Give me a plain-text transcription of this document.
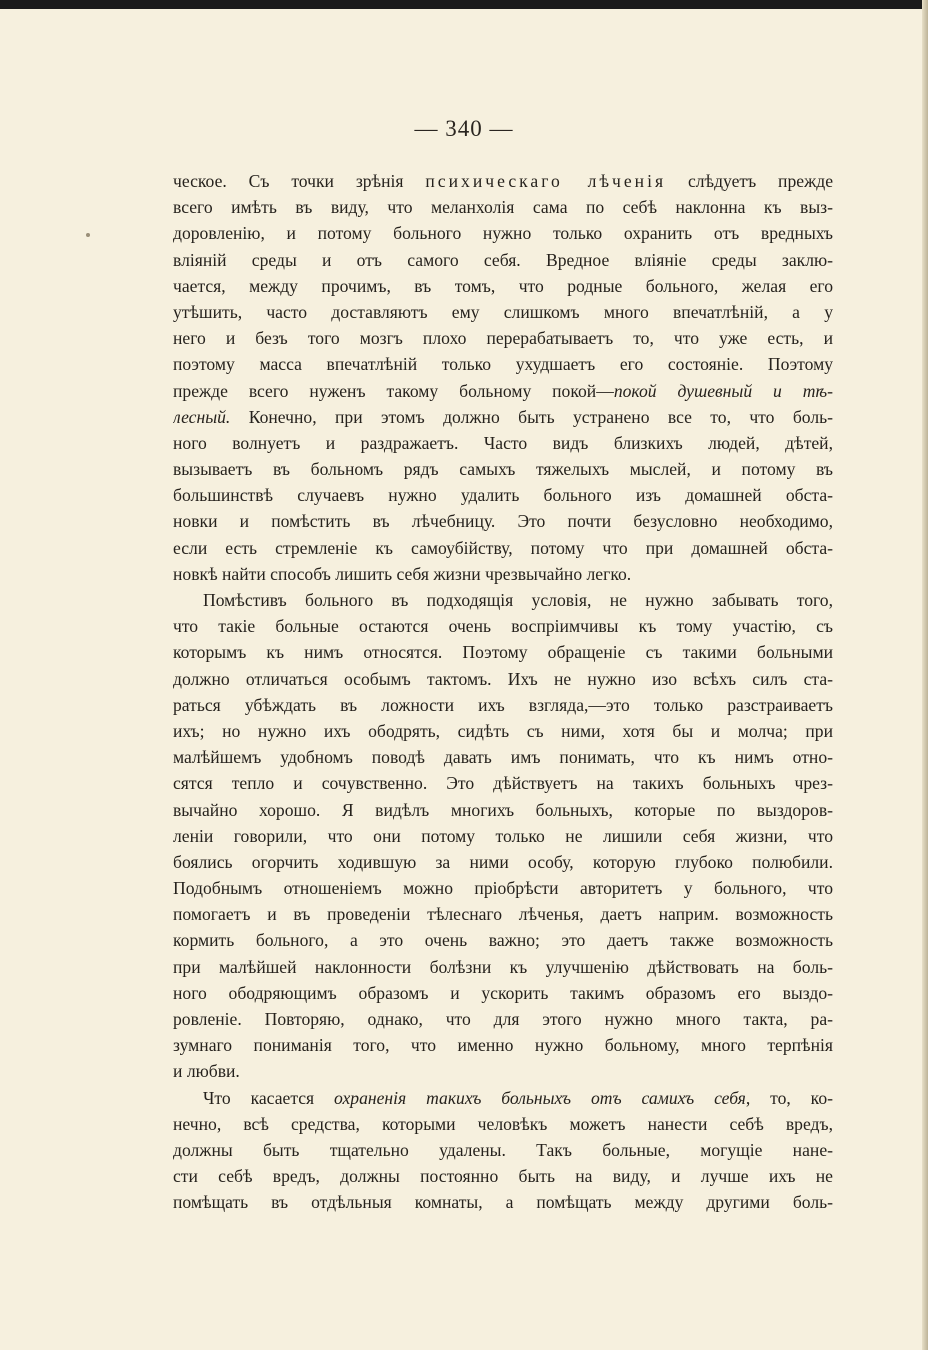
— 340 —
ческое. Съ точки зрѣнія психическаго лѣченія слѣдуетъ прежде
всего имѣть въ виду, что меланхолія сама по себѣ наклонна къ выз-
доровленію, и потому больного нужно только охранить отъ вредныхъ
вліяній среды и отъ самого себя. Вредное вліяніе среды заклю-
чается, между прочимъ, въ томъ, что родные больного, желая его
утѣшить, часто доставляютъ ему слишкомъ много впечатлѣній, а у
него и безъ того мозгъ плохо перерабатываетъ то, что уже есть, и
поэтому масса впечатлѣній только ухудшаетъ его состояніе. Поэтому
прежде всего нуженъ такому больному покой—покой душевный и тѣ-
лесный. Конечно, при этомъ должно быть устранено все то, что боль-
ного волнуетъ и раздражаетъ. Часто видъ близкихъ людей, дѣтей,
вызываетъ въ больномъ рядъ самыхъ тяжелыхъ мыслей, и потому въ
большинствѣ случаевъ нужно удалить больного изъ домашней обста-
новки и помѣстить въ лѣчебницу. Это почти безусловно необходимо,
если есть стремленіе къ самоубійству, потому что при домашней обста-
новкѣ найти способъ лишить себя жизни чрезвычайно легко.
Помѣстивъ больного въ подходящія условія, не нужно забывать того,
что такіе больные остаются очень воспріимчивы къ тому участію, съ
которымъ къ нимъ относятся. Поэтому обращеніе съ такими больными
должно отличаться особымъ тактомъ. Ихъ не нужно изо всѣхъ силъ ста-
раться убѣждать въ ложности ихъ взгляда,—это только разстраиваетъ
ихъ; но нужно ихъ ободрять, сидѣть съ ними, хотя бы и молча; при
малѣйшемъ удобномъ поводѣ давать имъ понимать, что къ нимъ отно-
сятся тепло и сочувственно. Это дѣйствуетъ на такихъ больныхъ чрез-
вычайно хорошо. Я видѣлъ многихъ больныхъ, которые по выздоров-
леніи говорили, что они потому только не лишили себя жизни, что
боялись огорчить ходившую за ними особу, которую глубоко полюбили.
Подобнымъ отношеніемъ можно пріобрѣсти авторитетъ у больного, что
помогаетъ и въ проведеніи тѣлеснаго лѣченья, даетъ наприм. возможность
кормить больного, а это очень важно; это даетъ также возможность
при малѣйшей наклонности болѣзни къ улучшенію дѣйствовать на боль-
ного ободряющимъ образомъ и ускорить такимъ образомъ его выздо-
ровленіе. Повторяю, однако, что для этого нужно много такта, ра-
зумнаго пониманія того, что именно нужно больному, много терпѣнія
и любви.
Что касается охраненія такихъ больныхъ отъ самихъ себя, то, ко-
нечно, всѣ средства, которыми человѣкъ можетъ нанести себѣ вредъ,
должны быть тщательно удалены. Такъ больные, могущіе нане-
сти себѣ вредъ, должны постоянно быть на виду, и лучше ихъ не
помѣщать въ отдѣльныя комнаты, а помѣщать между другими боль-
